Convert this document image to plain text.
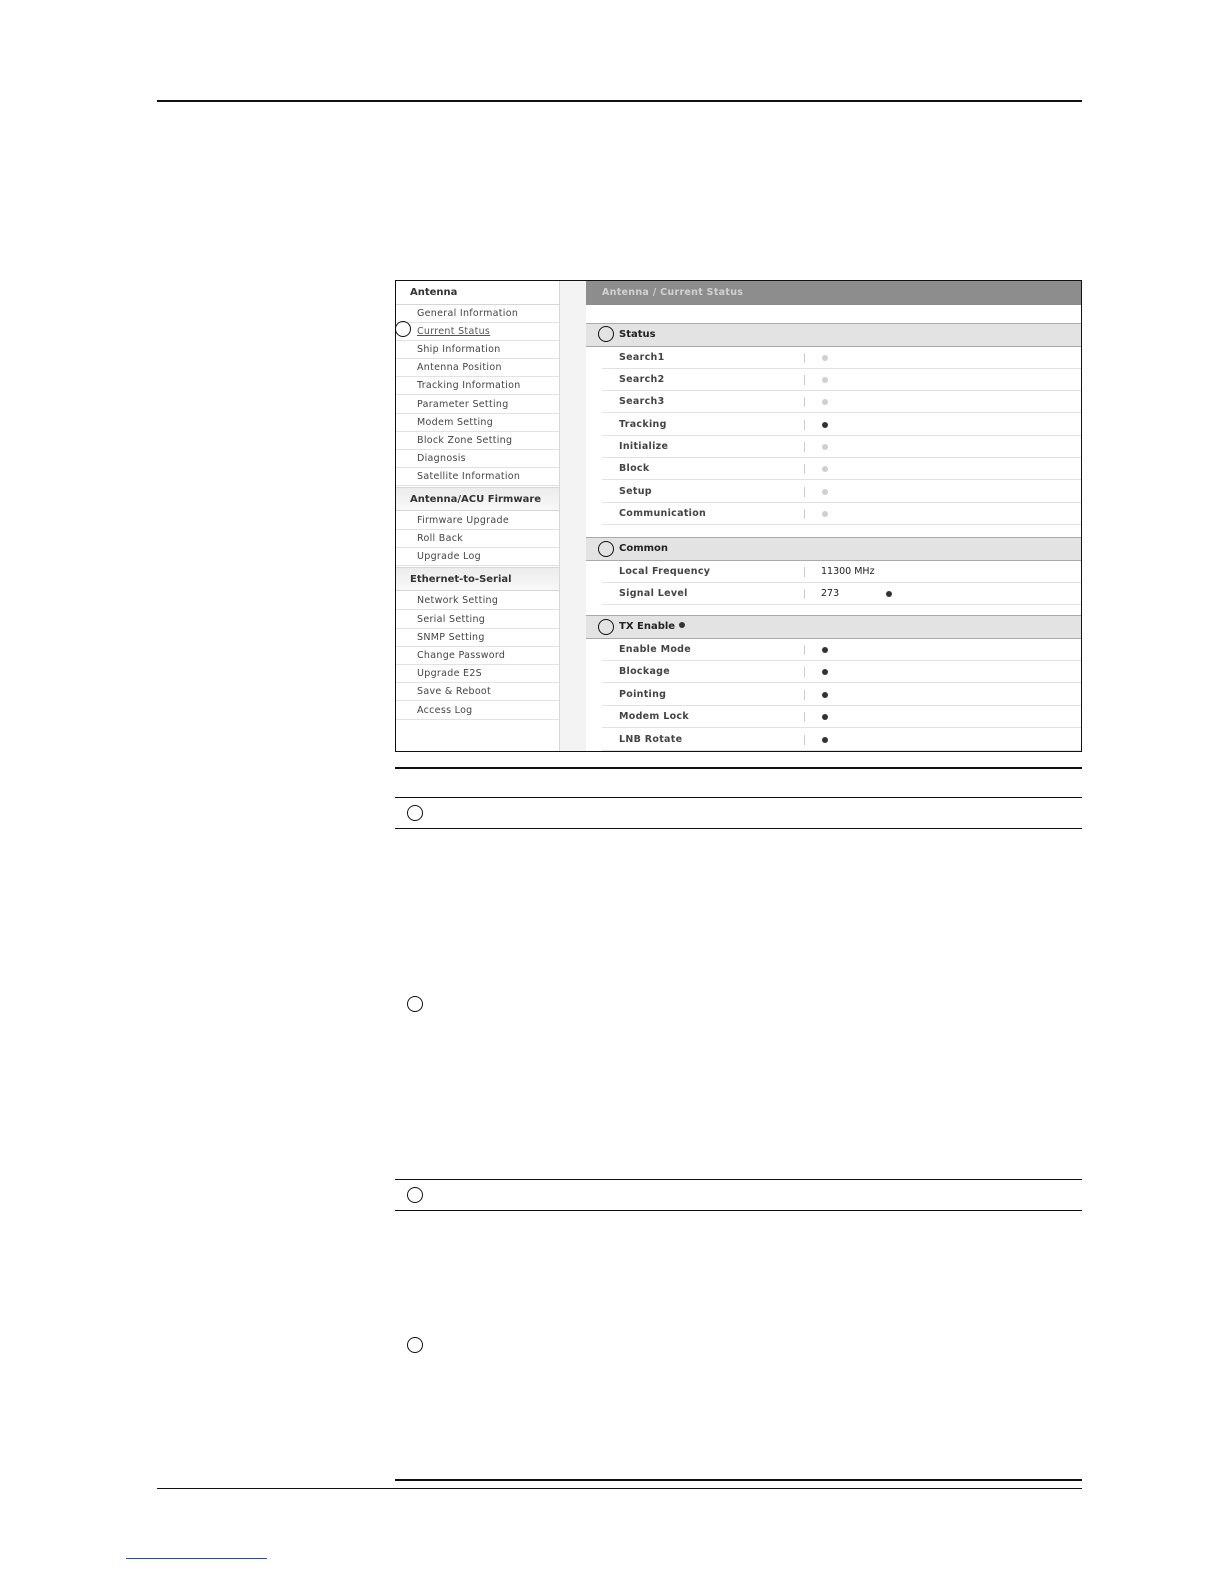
Antenna
General Information
Current Status
Ship Information
Antenna Position
Tracking Information
Parameter Setting
Modem Setting
Block Zone Setting
Diagnosis
Satellite Information
Antenna/ACU Firmware
Firmware Upgrade
Roll Back
Upgrade Log
Ethernet-to-Serial
Network Setting
Serial Setting
SNMP Setting
Change Password
Upgrade E2S
Save & Reboot
Access Log
Antenna / Current Status
Status
Search1
Search2
Search3
Tracking
Initialize
Block
Setup
Communication
Common
Local Frequency	11300 MHz
Signal Level	273
TX Enable
Enable Mode
Blockage
Pointing
Modem Lock
LNB Rotate
